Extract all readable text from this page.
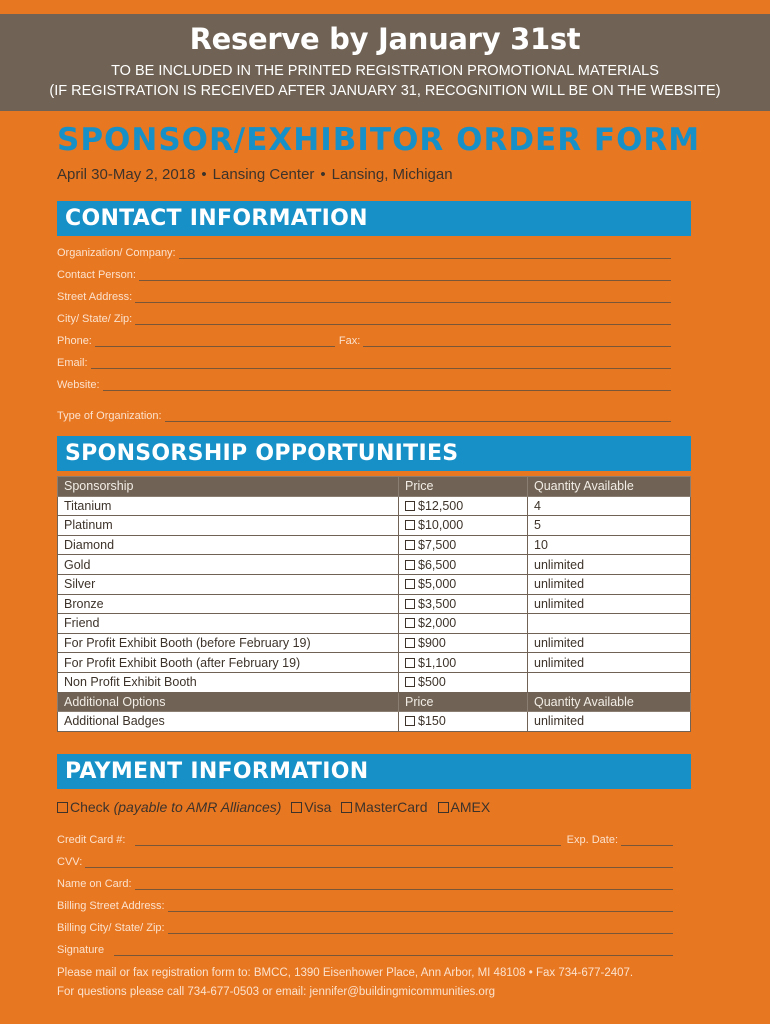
Reserve by January 31st
TO BE INCLUDED IN THE PRINTED REGISTRATION PROMOTIONAL MATERIALS
(IF REGISTRATION IS RECEIVED AFTER JANUARY 31, RECOGNITION WILL BE ON THE WEBSITE)
SPONSOR/EXHIBITOR ORDER FORM
April 30-May 2, 2018 • Lansing Center • Lansing, Michigan
CONTACT INFORMATION
Organization/ Company:
Contact Person:
Street Address:
City/ State/ Zip:
Phone:	Fax:
Email:
Website:
Type of Organization:
SPONSORSHIP OPPORTUNITIES
Sponsorship	Price	Quantity Available
Titanium	$12,500	4
Platinum	$10,000	5
Diamond	$7,500	10
Gold	$6,500	unlimited
Silver	$5,000	unlimited
Bronze	$3,500	unlimited
Friend	$2,000	
For Profit Exhibit Booth (before February 19)	$900	unlimited
For Profit Exhibit Booth (after February 19)	$1,100	unlimited
Non Profit Exhibit Booth	$500	
Additional Options	Price	Quantity Available
Additional Badges	$150	unlimited
PAYMENT INFORMATION
Check (payable to AMR Alliances)	Visa	MasterCard	AMEX
Credit Card #:	Exp. Date:
CVV:
Name on Card:
Billing Street Address:
Billing City/ State/ Zip:
Signature
Please mail or fax registration form to: BMCC, 1390 Eisenhower Place, Ann Arbor, MI 48108 • Fax 734-677-2407.
For questions please call 734-677-0503 or email: jennifer@buildingmicommunities.org
